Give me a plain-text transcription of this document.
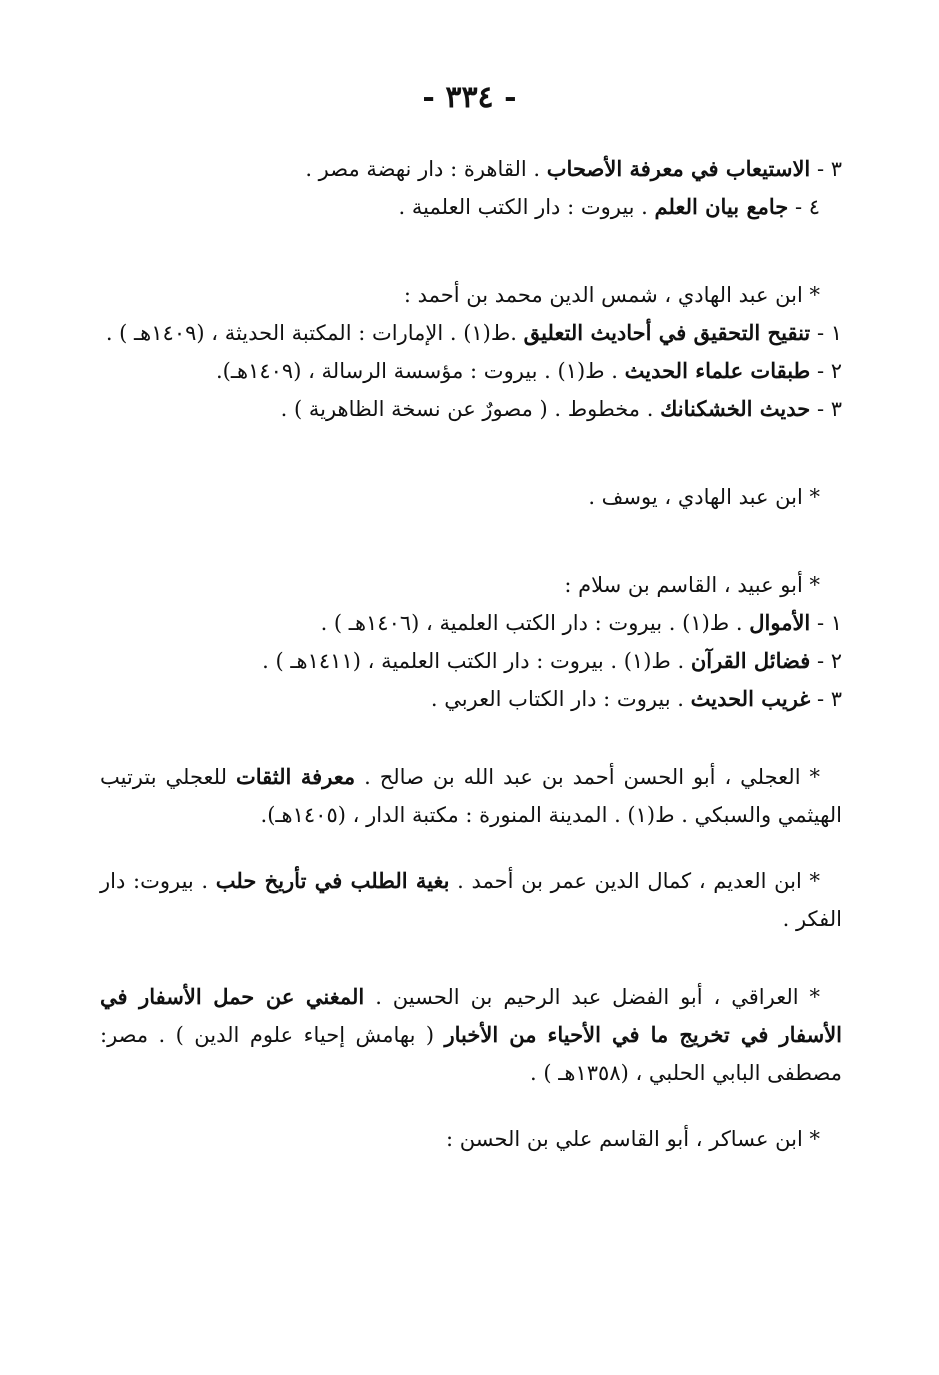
- ٣٣٤ -
٣ - الاستيعاب في معرفة الأصحاب . القاهرة : دار نهضة مصر .
٤ - جامع بيان العلم . بيروت : دار الكتب العلمية .
* ابن عبد الهادي ، شمس الدين محمد بن أحمد :
١ - تنقيح التحقيق في أحاديث التعليق .ط(١) . الإمارات : المكتبة الحديثة ، (١٤٠٩هـ ) .
٢ - طبقات علماء الحديث . ط(١) . بيروت : مؤسسة الرسالة ، (١٤٠٩هـ).
٣ - حديث الخشكنانك . مخطوط . ( مصورٌ عن نسخة الظاهرية ) .
* ابن عبد الهادي ، يوسف .
* أبو عبيد ، القاسم بن سلام :
١ - الأموال . ط(١) . بيروت : دار الكتب العلمية ، (١٤٠٦هـ ) .
٢ - فضائل القرآن . ط(١) . بيروت : دار الكتب العلمية ، (١٤١١هـ ) .
٣ - غريب الحديث . بيروت : دار الكتاب العربي .
* العجلي ، أبو الحسن أحمد بن عبد الله بن صالح . معرفة الثقات للعجلي بترتيب الهيثمي والسبكي . ط(١) . المدينة المنورة : مكتبة الدار ، (١٤٠٥هـ).
* ابن العديم ، كمال الدين عمر بن أحمد . بغية الطلب في تأريخ حلب . بيروت: دار الفكر .
* العراقي ، أبو الفضل عبد الرحيم بن الحسين . المغني عن حمل الأسفار في الأسفار في تخريج ما في الأحياء من الأخبار ( بهامش إحياء علوم الدين ) . مصر: مصطفى البابي الحلبي ، (١٣٥٨هـ ) .
* ابن عساكر ، أبو القاسم علي بن الحسن :
